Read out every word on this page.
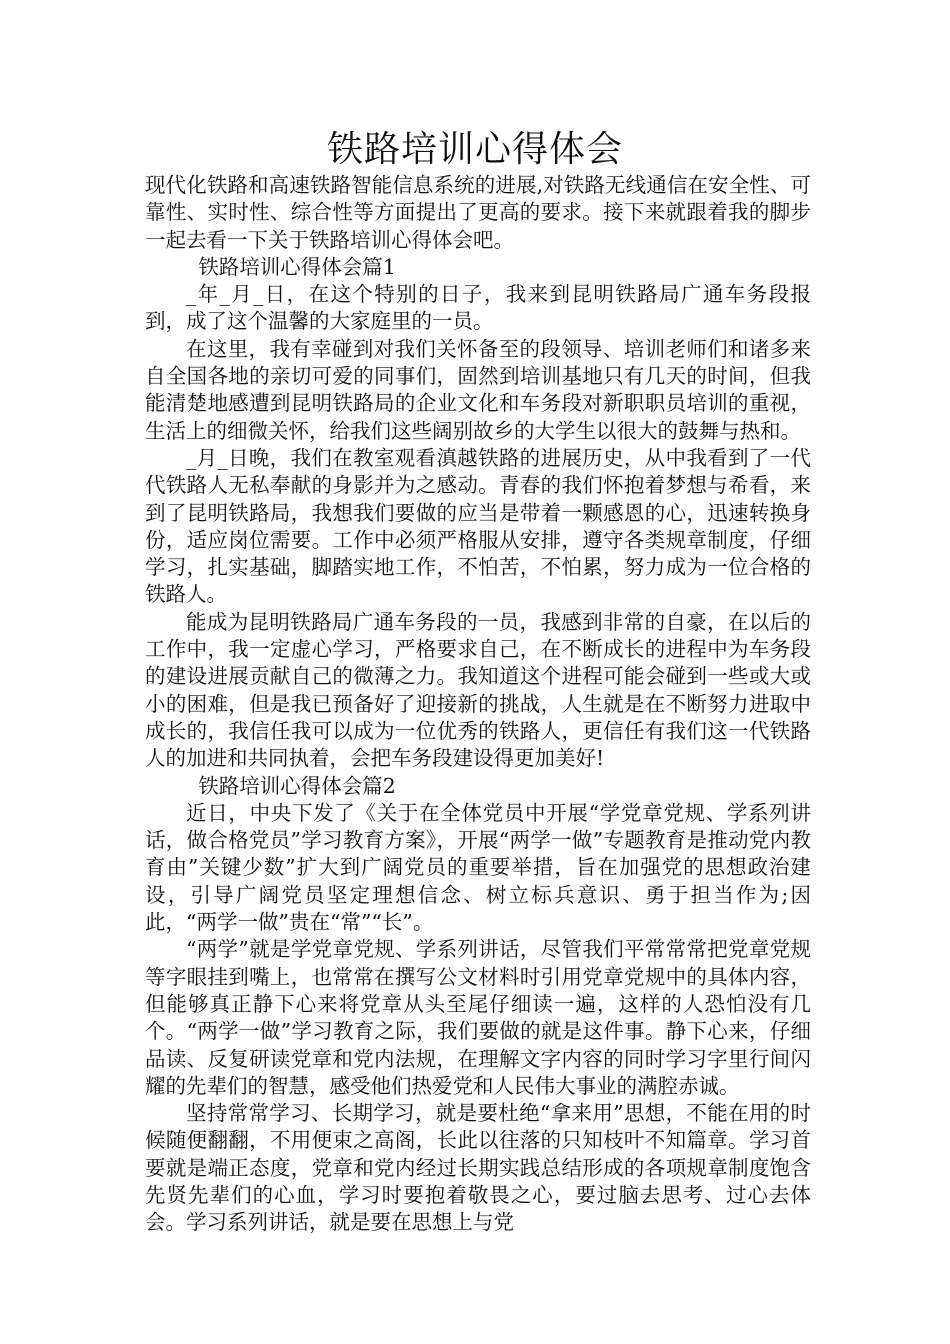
铁路培训心得体会

现代化铁路和高速铁路智能信息系统的进展,对铁路无线通信在安全性、可靠性、实时性、综合性等方面提出了更高的要求。接下来就跟着我的脚步一起去看一下关于铁路培训心得体会吧。

铁路培训心得体会篇1

_年_月_日，在这个特别的日子，我来到昆明铁路局广通车务段报到，成了这个温馨的大家庭里的一员。

在这里，我有幸碰到对我们关怀备至的段领导、培训老师们和诸多来自全国各地的亲切可爱的同事们，固然到培训基地只有几天的时间，但我能清楚地感遭到昆明铁路局的企业文化和车务段对新职职员培训的重视，生活上的细微关怀，给我们这些阔别故乡的大学生以很大的鼓舞与热和。

_月_日晚，我们在教室观看滇越铁路的进展历史，从中我看到了一代代铁路人无私奉献的身影并为之感动。青春的我们怀抱着梦想与希看，来到了昆明铁路局，我想我们要做的应当是带着一颗感恩的心，迅速转换身份，适应岗位需要。工作中必须严格服从安排，遵守各类规章制度，仔细学习，扎实基础，脚踏实地工作，不怕苦，不怕累，努力成为一位合格的铁路人。

能成为昆明铁路局广通车务段的一员，我感到非常的自豪，在以后的工作中，我一定虚心学习，严格要求自己，在不断成长的进程中为车务段的建设进展贡献自己的微薄之力。我知道这个进程可能会碰到一些或大或小的困难，但是我已预备好了迎接新的挑战，人生就是在不断努力进取中成长的，我信任我可以成为一位优秀的铁路人，更信任有我们这一代铁路人的加进和共同执着，会把车务段建设得更加美好!

铁路培训心得体会篇2

近日，中央下发了《关于在全体党员中开展“学党章党规、学系列讲话，做合格党员”学习教育方案》，开展“两学一做”专题教育是推动党内教育由”关键少数”扩大到广阔党员的重要举措，旨在加强党的思想政治建设，引导广阔党员坚定理想信念、树立标兵意识、勇于担当作为;因此，“两学一做”贵在“常”“长”。

“两学”就是学党章党规、学系列讲话，尽管我们平常常常把党章党规等字眼挂到嘴上，也常常在撰写公文材料时引用党章党规中的具体内容，但能够真正静下心来将党章从头至尾仔细读一遍，这样的人恐怕没有几个。“两学一做”学习教育之际，我们要做的就是这件事。静下心来，仔细品读、反复研读党章和党内法规，在理解文字内容的同时学习字里行间闪耀的先辈们的智慧，感受他们热爱党和人民伟大事业的满腔赤诚。

坚持常常学习、长期学习，就是要杜绝“拿来用”思想，不能在用的时候随便翻翻，不用便束之高阁，长此以往落的只知枝叶不知篇章。学习首要就是端正态度，党章和党内经过长期实践总结形成的各项规章制度饱含先贤先辈们的心血，学习时要抱着敬畏之心，要过脑去思考、过心去体会。学习系列讲话，就是要在思想上与党
